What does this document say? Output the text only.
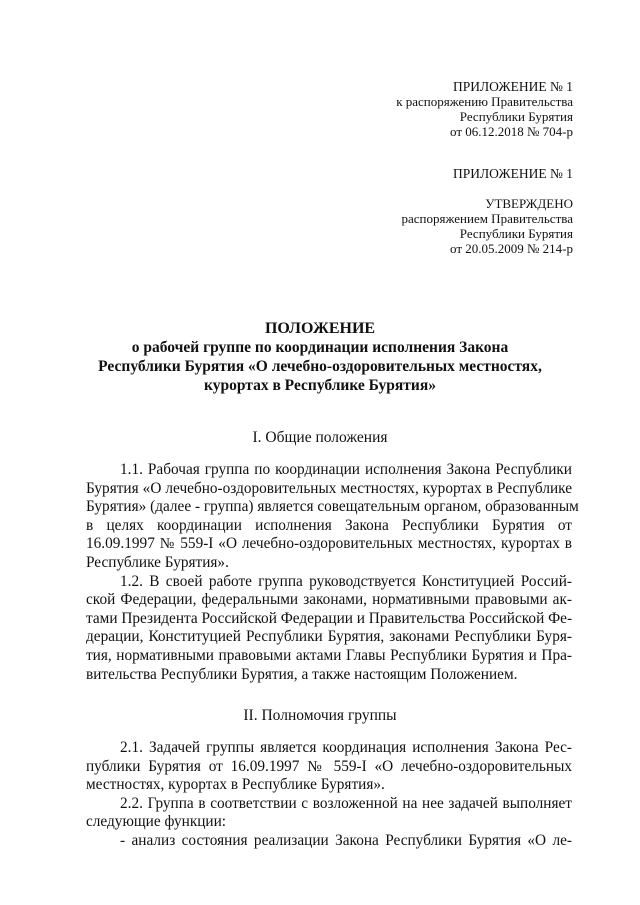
ПРИЛОЖЕНИЕ № 1
к распоряжению Правительства
Республики Бурятия
от 06.12.2018 № 704-р
ПРИЛОЖЕНИЕ № 1
УТВЕРЖДЕНО
распоряжением Правительства
Республики Бурятия
от 20.05.2009 № 214-р
ПОЛОЖЕНИЕ
о рабочей группе по координации исполнения Закона
Республики Бурятия «О лечебно-оздоровительных местностях,
курортах в Республике Бурятия»
I. Общие положения

1.1. Рабочая группа по координации исполнения Закона Республики
Бурятия «О лечебно-оздоровительных местностях, курортах в Республике
Бурятия» (далее - группа) является совещательным органом, образованным
в целях координации исполнения Закона Республики Бурятия от
16.09.1997 № 559-I «О лечебно-оздоровительных местностях, курортах в
Республике Бурятия».

1.2. В своей работе группа руководствуется Конституцией Россий-
ской Федерации, федеральными законами, нормативными правовыми ак-
тами Президента Российской Федерации и Правительства Российской Фе-
дерации, Конституцией Республики Бурятия, законами Республики Буря-
тия, нормативными правовыми актами Главы Республики Бурятия и Пра-
вительства Республики Бурятия, а также настоящим Положением.

II. Полномочия группы

2.1. Задачей группы является координация исполнения Закона Рес-
публики Бурятия от 16.09.1997 № 559-I «О лечебно-оздоровительных
местностях, курортах в Республике Бурятия».

2.2. Группа в соответствии с возложенной на нее задачей выполняет
следующие функции:

- анализ состояния реализации Закона Республики Бурятия «О ле-
